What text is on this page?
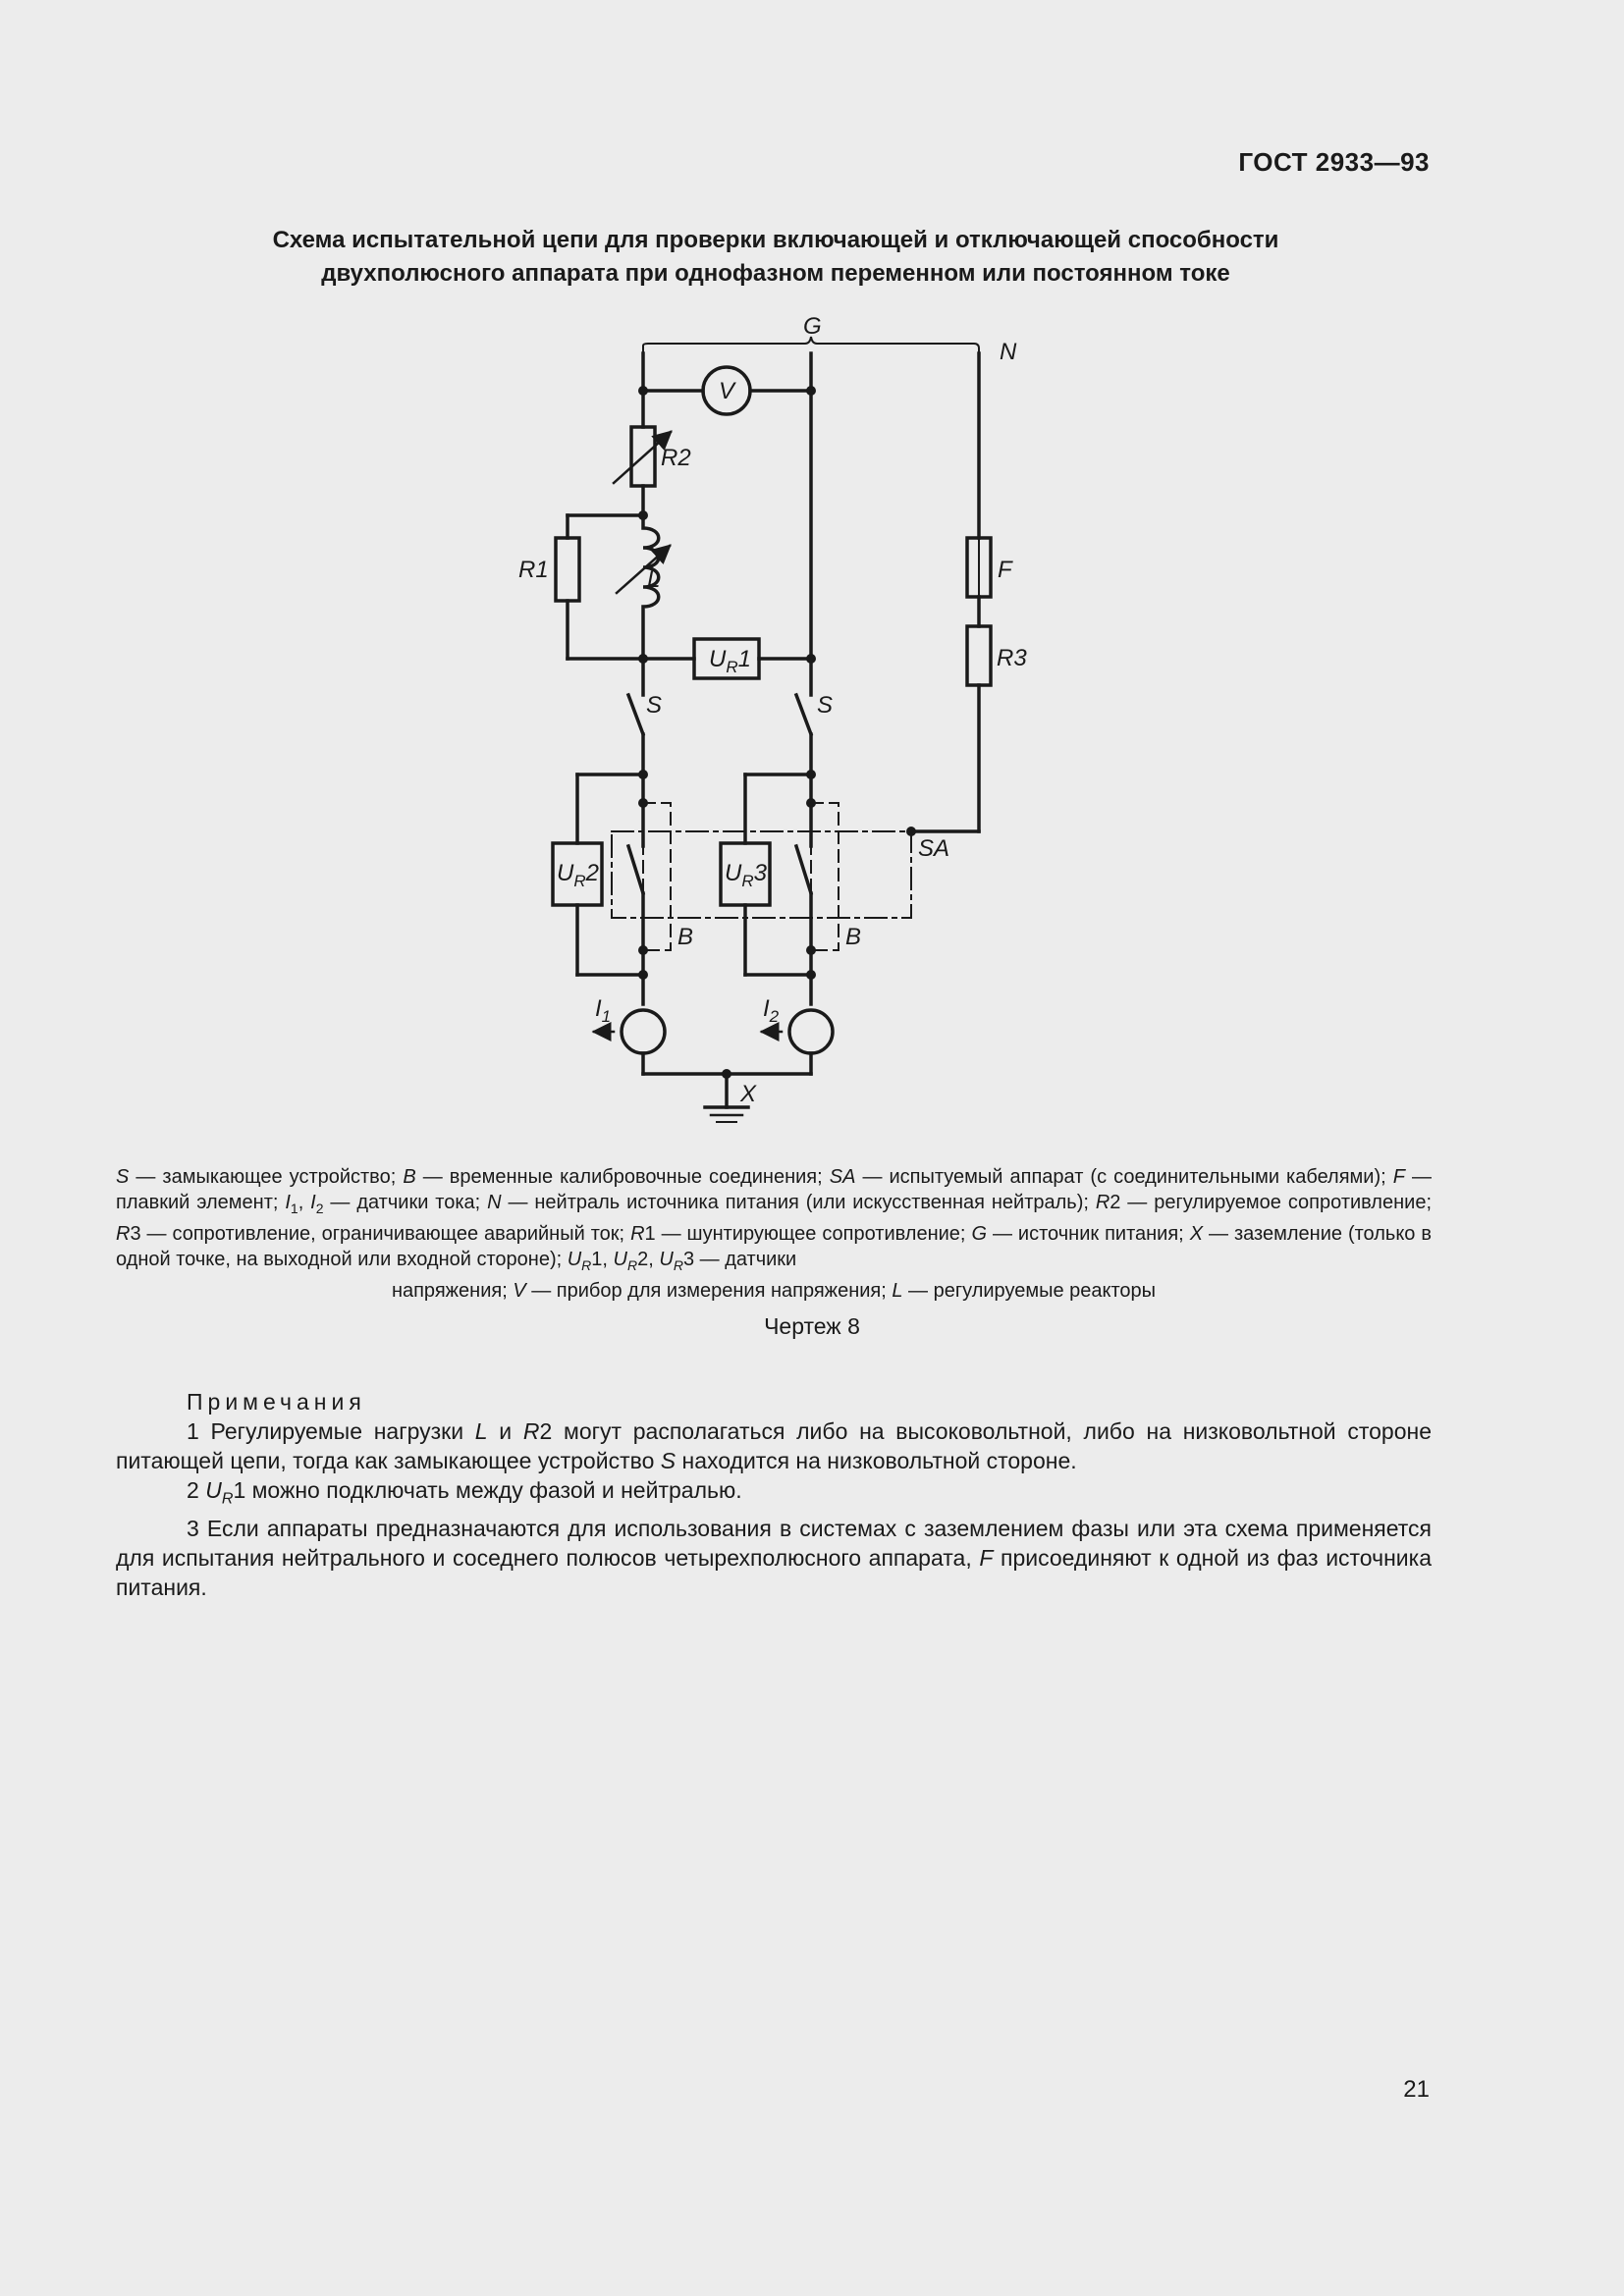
ГОСТ 2933—93
Схема испытательной цепи для проверки включающей и отключающей способности
двухполюсного аппарата при однофазном переменном или постоянном токе
G
N
V
R2
R1	L	F
R3
$U_R1$
$U_R2$	$U_R3$
S	S
SA
B	B
$I_1$	$I_2$
X
S — замыкающее устройство; B — временные калибровочные соединения; SA — испытуемый аппарат (с соединительными кабелями); F — плавкий элемент; $I_1$, $I_2$ — датчики тока; N — нейтраль источника питания (или искусственная нейтраль); R2 — регулируемое сопротивление; R3 — сопротивление, ограничивающее аварийный ток; R1 — шунтирующее сопротивление; G — источник питания; X — заземление (только в одной точке, на выходной или входной стороне); $U_R1$, $U_R2$, $U_R3$ — датчики
напряжения; V — прибор для измерения напряжения; L — регулируемые реакторы
Чертеж 8
Примечания

1 Регулируемые нагрузки L и R2 могут располагаться либо на высоковольтной, либо на низковольтной стороне питающей цепи, тогда как замыкающее устройство S находится на низковольтной стороне.

2 $U_R1$ можно подключать между фазой и нейтралью.

3 Если аппараты предназначаются для использования в системах с заземлением фазы или эта схема применяется для испытания нейтрального и соседнего полюсов четырехполюсного аппарата, F присоединяют к одной из фаз источника питания.

21
